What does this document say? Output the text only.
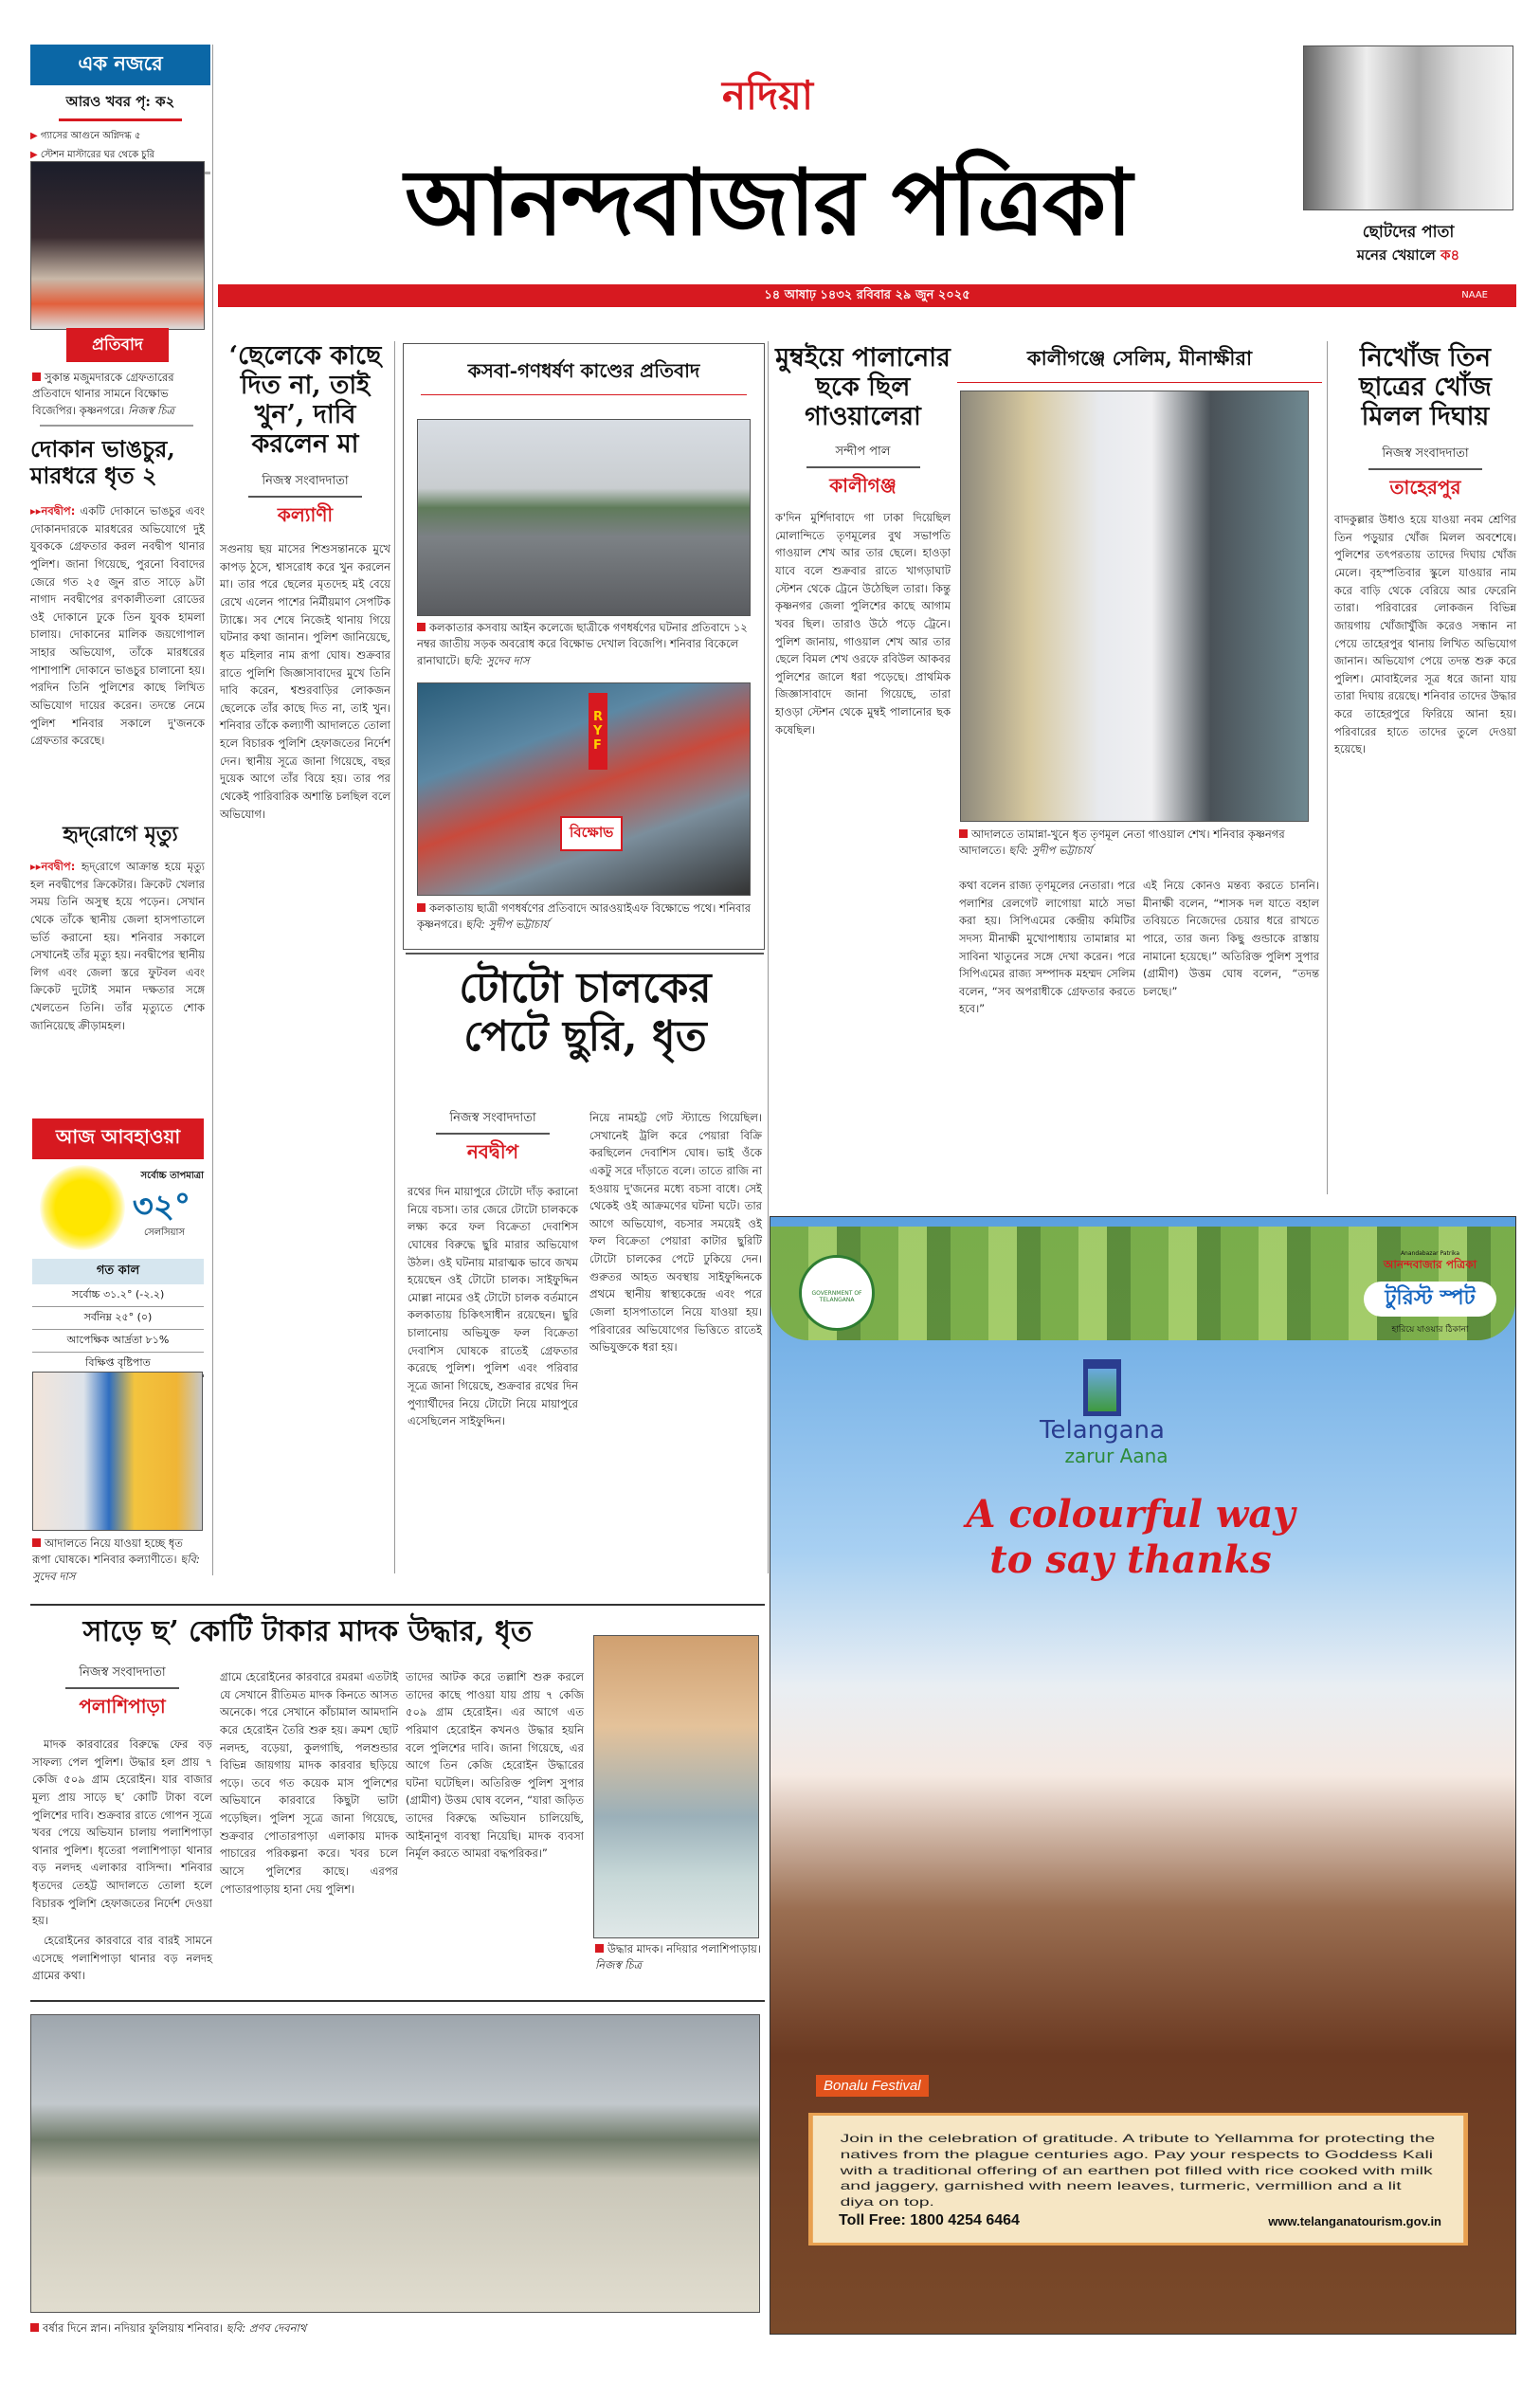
এক নজরে
আরও খবর পৃ: ক২
▶ গ্যাসের আগুনে অগ্নিদগ্ধ ৫
▶ স্টেশন মাস্টারের ঘর থেকে চুরি
প্রতিবাদ
সুকান্ত মজুমদারকে গ্রেফতারের প্রতিবাদে থানার সামনে বিক্ষোভ বিজেপির। কৃষ্ণনগরে। নিজস্ব চিত্র
দোকান ভাঙচুর, মারধরে ধৃত ২
▸▸নবদ্বীপ: একটি দোকানে ভাঙচুর এবং দোকানদারকে মারধরের অভিযোগে দুই যুবককে গ্রেফতার করল নবদ্বীপ থানার পুলিশ। জানা গিয়েছে, পুরনো বিবাদের জেরে গত ২৫ জুন রাত সাড়ে ৯টা নাগাদ নবদ্বীপের রণকালীতলা রোডের ওই দোকানে ঢুকে তিন যুবক হামলা চালায়। দোকানের মালিক জয়গোপাল সাহার অভিযোগ, তাঁকে মারধরের পাশাপাশি দোকানে ভাঙচুর চালানো হয়। পরদিন তিনি পুলিশের কাছে লিখিত অভিযোগ দায়ের করেন। তদন্তে নেমে পুলিশ শনিবার সকালে দু'জনকে গ্রেফতার করেছে।
হৃদ্‌রোগে মৃত্যু
▸▸নবদ্বীপ: হৃদ্‌রোগে আক্রান্ত হয়ে মৃত্যু হল নবদ্বীপের ক্রিকেটার। ক্রিকেট খেলার সময় তিনি অসুস্থ হয়ে পড়েন। সেখান থেকে তাঁকে স্থানীয় জেলা হাসপাতালে ভর্তি করানো হয়। শনিবার সকালে সেখানেই তাঁর মৃত্যু হয়। নবদ্বীপের স্থানীয় লিগ এবং জেলা স্তরে ফুটবল এবং ক্রিকেট দুটোই সমান দক্ষতার সঙ্গে খেলতেন তিনি। তাঁর মৃত্যুতে শোক জানিয়েছে ক্রীড়ামহল।
আজ আবহাওয়া
সর্বোচ্চ তাপমাত্রা
৩২°
সেলসিয়াস
গত কাল
সর্বোচ্চ ৩১.২° (-২.২)
সর্বনিম্ন ২৫° (০)
আপেক্ষিক আর্দ্রতা ৮১%
বিক্ষিপ্ত বৃষ্টিপাত
আদালতে নিয়ে যাওয়া হচ্ছে ধৃত রূপা ঘোষকে। শনিবার কল্যাণীতে। ছবি: সুদেব দাস
নদিয়া
আনন্দবাজার পত্রিকা	ছোটদের পাতা
মনের খেয়ালে ক৪
১৪ আষাঢ় ১৪৩২ রবিবার ২৯ জুন ২০২৫	NAAE
‘ছেলেকে কাছে দিত না, তাই খুন’, দাবি করলেন মা
নিজস্ব সংবাদদাতা
কল্যাণী
সগুনায় ছয় মাসের শিশুসন্তানকে মুখে কাপড় ঠুসে, শ্বাসরোধ করে খুন করলেন মা। তার পরে ছেলের মৃতদেহ মই বেয়ে রেখে এলেন পাশের নির্মীয়মাণ সেপটিক ট্যাঙ্কে। সব শেষে নিজেই থানায় গিয়ে ঘটনার কথা জানান। পুলিশ জানিয়েছে, ধৃত মহিলার নাম রূপা ঘোষ। শুক্রবার রাতে পুলিশি জিজ্ঞাসাবাদের মুখে তিনি দাবি করেন, শ্বশুরবাড়ির লোকজন ছেলেকে তাঁর কাছে দিত না, তাই খুন। শনিবার তাঁকে কল্যাণী আদালতে তোলা হলে বিচারক পুলিশি হেফাজতের নির্দেশ দেন। স্থানীয় সূত্রে জানা গিয়েছে, বছর দুয়েক আগে তাঁর বিয়ে হয়। তার পর থেকেই পারিবারিক অশান্তি চলছিল বলে অভিযোগ।
কসবা-গণধর্ষণ কাণ্ডের প্রতিবাদ
কলকাতার কসবায় আইন কলেজে ছাত্রীকে গণধর্ষণের ঘটনার প্রতিবাদে ১২ নম্বর জাতীয় সড়ক অবরোধ করে বিক্ষোভ দেখাল বিজেপি। শনিবার বিকেলে রানাঘাটে। ছবি: সুদেব দাস
RYF
বিক্ষোভ
কলকাতায় ছাত্রী গণধর্ষণের প্রতিবাদে আরওয়াইএফ বিক্ষোভে পথে। শনিবার কৃষ্ণনগরে। ছবি: সুদীপ ভট্টাচার্য
টোটো চালকের পেটে ছুরি, ধৃত
নিজস্ব সংবাদদাতা
নবদ্বীপ
রথের দিন মায়াপুরে টোটো দাঁড় করানো নিয়ে বচসা। তার জেরে টোটো চালককে লক্ষ্য করে ফল বিক্রেতা দেবাশিস ঘোষের বিরুদ্ধে ছুরি মারার অভিযোগ উঠল। ওই ঘটনায় মারাত্মক ভাবে জখম হয়েছেন ওই টোটো চালক। সাইফুদ্দিন মোল্লা নামের ওই টোটো চালক বর্তমানে কলকাতায় চিকিৎসাধীন রয়েছেন। ছুরি চালানোয় অভিযুক্ত ফল বিক্রেতা দেবাশিস ঘোষকে রাতেই গ্রেফতার করেছে পুলিশ। পুলিশ এবং পরিবার সূত্রে জানা গিয়েছে, শুক্রবার রথের দিন পুণ্যার্থীদের নিয়ে টোটো নিয়ে মায়াপুরে এসেছিলেন সাইফুদ্দিন।
নিয়ে নামহট্ট গেট স্ট্যান্ডে গিয়েছিল। সেখানেই ট্রলি করে পেয়ারা বিক্রি করছিলেন দেবাশিস ঘোষ। ভাই ওঁকে একটু সরে দাঁড়াতে বলে। তাতে রাজি না হওয়ায় দু'জনের মধ্যে বচসা বাধে। সেই থেকেই ওই আক্রমণের ঘটনা ঘটে। তার আগে অভিযোগ, বচসার সময়েই ওই ফল বিক্রেতা পেয়ারা কাটার ছুরিটি টোটো চালকের পেটে ঢুকিয়ে দেন। গুরুতর আহত অবস্থায় সাইফুদ্দিনকে প্রথমে স্থানীয় স্বাস্থ্যকেন্দ্রে এবং পরে জেলা হাসপাতালে নিয়ে যাওয়া হয়। পরিবারের অভিযোগের ভিত্তিতে রাতেই অভিযুক্তকে ধরা হয়।
মুম্বইয়ে পালানোর ছকে ছিল গাওয়ালেরা
সন্দীপ পাল
কালীগঞ্জ
ক'দিন মুর্শিদাবাদে গা ঢাকা দিয়েছিল মোলান্দিতে তৃণমূলের বুথ সভাপতি গাওয়াল শেখ আর তার ছেলে। হাওড়া যাবে বলে শুক্রবার রাতে খাগড়াঘাট স্টেশন থেকে ট্রেনে উঠেছিল তারা। কিন্তু কৃষ্ণনগর জেলা পুলিশের কাছে আগাম খবর ছিল। তারাও উঠে পড়ে ট্রেনে। পুলিশ জানায়, গাওয়াল শেখ আর তার ছেলে বিমল শেখ ওরফে রবিউল আকবর পুলিশের জালে ধরা পড়েছে। প্রাথমিক জিজ্ঞাসাবাদে জানা গিয়েছে, তারা হাওড়া স্টেশন থেকে মুম্বই পালানোর ছক কষেছিল।
কালীগঞ্জে সেলিম, মীনাক্ষীরা
আদালতে তামান্না-খুনে ধৃত তৃণমূল নেতা গাওয়াল শেখ। শনিবার কৃষ্ণনগর আদালতে। ছবি: সুদীপ ভট্টাচার্য
কথা বলেন রাজ্য তৃণমূলের নেতারা। পরে পলাশির রেলগেট লাগোয়া মাঠে সভা করা হয়। সিপিএমের কেন্দ্রীয় কমিটির সদস্য মীনাক্ষী মুখোপাধ্যায় তামান্নার মা সাবিনা খাতুনের সঙ্গে দেখা করেন। পরে সিপিএমের রাজ্য সম্পাদক মহম্মদ সেলিম বলেন, “সব অপরাধীকে গ্রেফতার করতে হবে।”
এই নিয়ে কোনও মন্তব্য করতে চাননি। মীনাক্ষী বলেন, “শাসক দল যাতে বহাল তবিয়তে নিজেদের চেয়ার ধরে রাখতে পারে, তার জন্য কিছু গুন্ডাকে রাস্তায় নামানো হয়েছে।” অতিরিক্ত পুলিশ সুপার (গ্রামীণ) উত্তম ঘোষ বলেন, “তদন্ত চলছে।”
নিখোঁজ তিন ছাত্রের খোঁজ মিলল দিঘায়
নিজস্ব সংবাদদাতা
তাহেরপুর
বাদকুল্লার উধাও হয়ে যাওয়া নবম শ্রেণির তিন পড়ুয়ার খোঁজ মিলল অবশেষে। পুলিশের তৎপরতায় তাদের দিঘায় খোঁজ মেলে। বৃহস্পতিবার স্কুলে যাওয়ার নাম করে বাড়ি থেকে বেরিয়ে আর ফেরেনি তারা। পরিবারের লোকজন বিভিন্ন জায়গায় খোঁজাখুঁজি করেও সন্ধান না পেয়ে তাহেরপুর থানায় লিখিত অভিযোগ জানান। অভিযোগ পেয়ে তদন্ত শুরু করে পুলিশ। মোবাইলের সূত্র ধরে জানা যায় তারা দিঘায় রয়েছে। শনিবার তাদের উদ্ধার করে তাহেরপুরে ফিরিয়ে আনা হয়। পরিবারের হাতে তাদের তুলে দেওয়া হয়েছে।
GOVERNMENT OF TELANGANA
Anandabazar Patrika
আনন্দবাজার পত্রিকা
টুরিস্ট স্পট
হারিয়ে যাওয়ার ঠিকানা
Telangana
zarur Aana
A colourful way
to say thanks
Bonalu Festival
Join in the celebration of gratitude. A tribute to Yellamma for protecting the natives from the plague centuries ago. Pay your respects to Goddess Kali with a traditional offering of an earthen pot filled with rice cooked with milk and jaggery, garnished with neem leaves, turmeric, vermillion and a lit diya on top.
Toll Free: 1800 4254 6464	www.telanganatourism.gov.in
সাড়ে ছ’ কোটি টাকার মাদক উদ্ধার, ধৃত
নিজস্ব সংবাদদাতা
পলাশিপাড়া

মাদক কারবারের বিরুদ্ধে ফের বড় সাফল্য পেল পুলিশ। উদ্ধার হল প্রায় ৭ কেজি ৫০৯ গ্রাম হেরোইন। যার বাজার মূল্য প্রায় সাড়ে ছ’ কোটি টাকা বলে পুলিশের দাবি। শুক্রবার রাতে গোপন সূত্রে খবর পেয়ে অভিযান চালায় পলাশিপাড়া থানার পুলিশ। ধৃতেরা পলাশিপাড়া থানার বড় নলদহ এলাকার বাসিন্দা। শনিবার ধৃতদের তেহট্ট আদালতে তোলা হলে বিচারক পুলিশি হেফাজতের নির্দেশ দেওয়া হয়।

হেরোইনের কারবারে বার বারই সামনে এসেছে পলাশিপাড়া থানার বড় নলদহ গ্রামের কথা।

গ্রামে হেরোইনের কারবারে রমরমা এতটাই যে সেখানে রীতিমত মাদক কিনতে আসত অনেকে। পরে সেখানে কাঁচামাল আমদানি করে হেরোইন তৈরি শুরু হয়। ক্রমশ ছোট নলদহ, বড়েয়া, কুলগাছি, পলশুন্ডার বিভিন্ন জায়গায় মাদক কারবার ছড়িয়ে পড়ে। তবে গত কয়েক মাস পুলিশের অভিযানে কারবারে কিছুটা ভাটা পড়েছিল। পুলিশ সূত্রে জানা গিয়েছে, শুক্রবার পোতারপাড়া এলাকায় মাদক পাচারের পরিকল্পনা করে। খবর চলে আসে পুলিশের কাছে। এরপর পোতারপাড়ায় হানা দেয় পুলিশ।
তাদের আটক করে তল্লাশি শুরু করলে তাদের কাছে পাওয়া যায় প্রায় ৭ কেজি ৫০৯ গ্রাম হেরোইন। এর আগে এত পরিমাণ হেরোইন কখনও উদ্ধার হয়নি বলে পুলিশের দাবি। জানা গিয়েছে, এর আগে তিন কেজি হেরোইন উদ্ধারের ঘটনা ঘটেছিল। অতিরিক্ত পুলিশ সুপার (গ্রামীণ) উত্তম ঘোষ বলেন, “যারা জড়িত তাদের বিরুদ্ধে অভিযান চালিয়েছি, আইনানুগ ব্যবস্থা নিয়েছি। মাদক ব্যবসা নির্মূল করতে আমরা বদ্ধপরিকর।”
উদ্ধার মাদক। নদিয়ার পলাশিপাড়ায়। নিজস্ব চিত্র
বর্ষার দিনে স্নান। নদিয়ার ফুলিয়ায় শনিবার। ছবি: প্রণব দেবনাথ
